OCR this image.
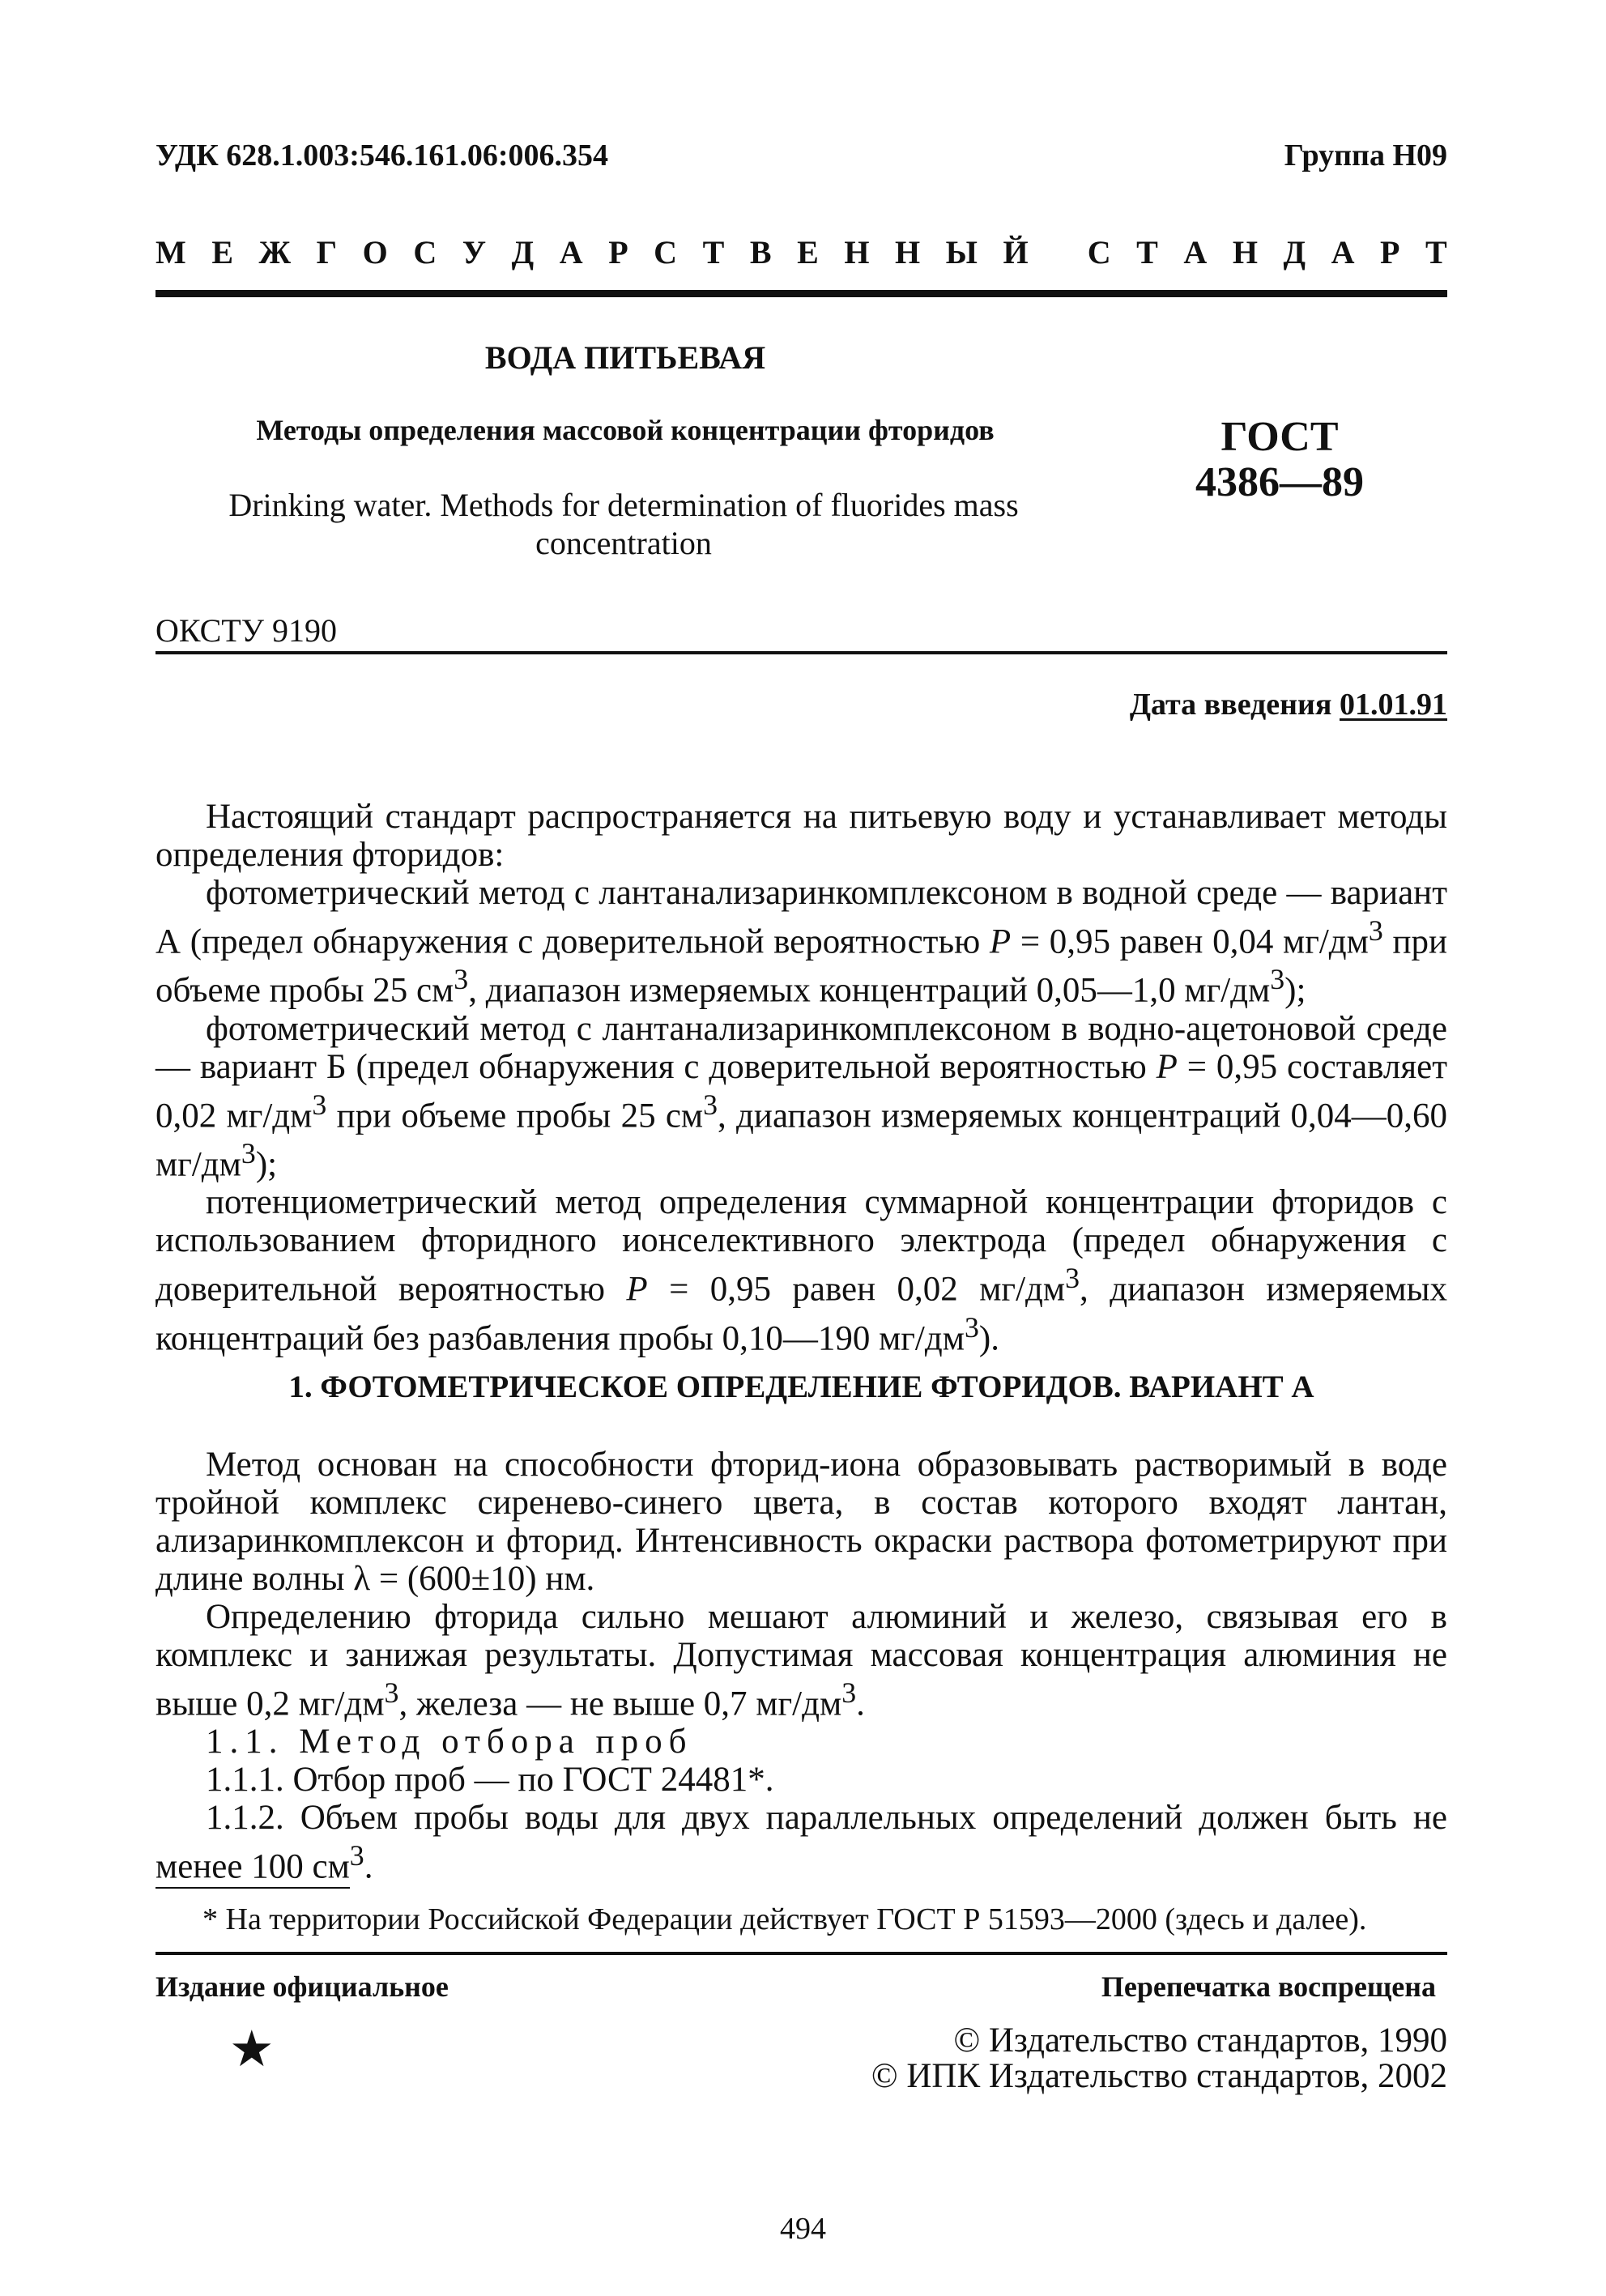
УДК 628.1.003:546.161.06:006.354	Группа Н09
М Е Ж Г О С У Д А Р С Т В Е Н Н Ы Й
С Т А Н Д А Р Т
ВОДА ПИТЬЕВАЯ
Методы определения массовой концентрации фторидов
Drinking water. Methods for determination of fluorides mass
concentration
ГОСТ
4386—89
ОКСТУ 9190
Дата введения 01.01.91

Настоящий стандарт распространяется на питьевую воду и устанавливает методы определения фторидов:

фотометрический метод с лантанализаринкомплексоном в водной среде — вариант А (предел обнаружения с доверительной вероятностью P = 0,95 равен 0,04 $мг/дм^3$ при объеме пробы 25 $см^3$, диапазон измеряемых концентраций 0,05—1,0 $мг/дм^3$);

фотометрический метод с лантанализаринкомплексоном в водно-ацетоновой среде — вариант Б (предел обнаружения с доверительной вероятностью P = 0,95 составляет 0,02 $мг/дм^3$ при объеме пробы 25 $см^3$, диапазон измеряемых концентраций 0,04—0,60 $мг/дм^3$);

потенциометрический метод определения суммарной концентрации фторидов с использованием фторидного ионселективного электрода (предел обнаружения с доверительной вероятностью P = 0,95 равен 0,02 $мг/дм^3$, диапазон измеряемых концентраций без разбавления пробы 0,10—190 $мг/дм^3$).

1. ФОТОМЕТРИЧЕСКОЕ ОПРЕДЕЛЕНИЕ ФТОРИДОВ. ВАРИАНТ А

Метод основан на способности фторид-иона образовывать растворимый в воде тройной комплекс сиренево-синего цвета, в состав которого входят лантан, ализаринкомплексон и фторид. Интенсивность окраски раствора фотометрируют при длине волны λ = (600±10) нм.

Определению фторида сильно мешают алюминий и железо, связывая его в комплекс и занижая результаты. Допустимая массовая концентрация алюминия не выше 0,2 $мг/дм^3$, железа — не выше 0,7 $мг/дм^3$.

1.1. Метод отбора проб

1.1.1. Отбор проб — по ГОСТ 24481*.

1.1.2. Объем пробы воды для двух параллельных определений должен быть не менее 100 $см^3$.

* На территории Российской Федерации действует ГОСТ Р 51593—2000 (здесь и далее).
Издание официальное	Перепечатка воспрещена
★	© Издательство стандартов, 1990
© ИПК Издательство стандартов, 2002
494
